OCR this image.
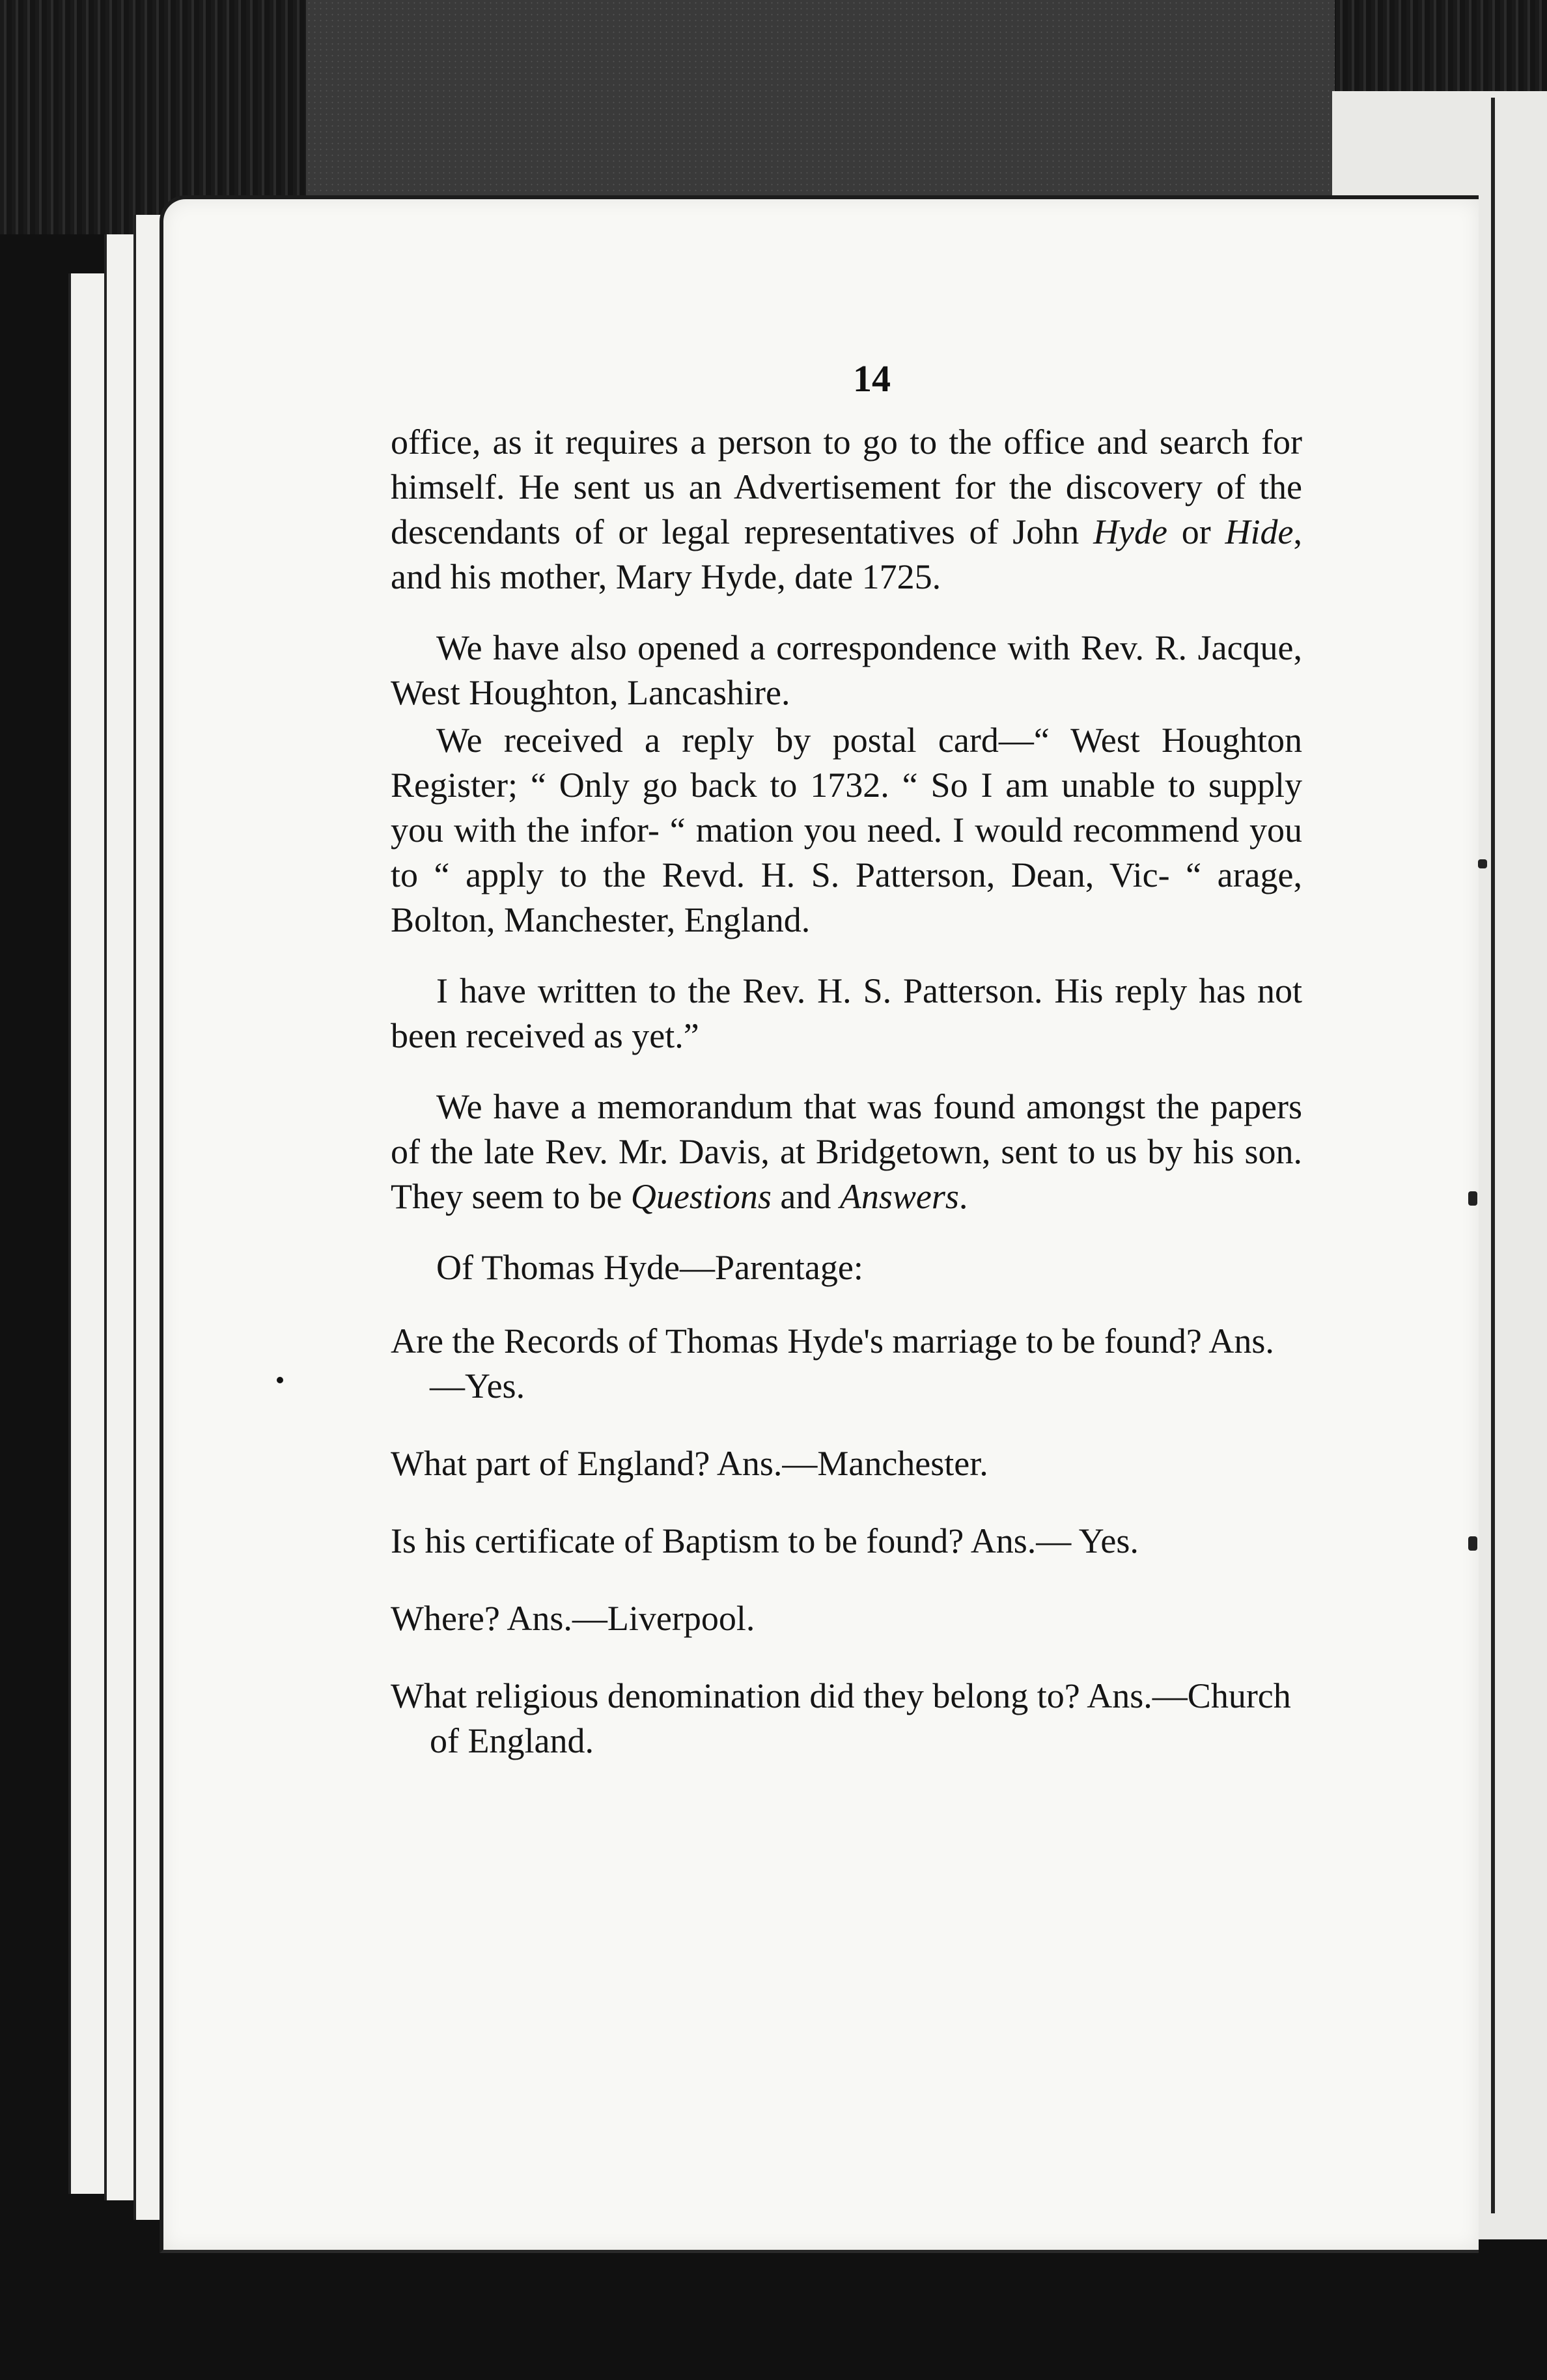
14

office, as it requires a person to go to the office and search for himself. He sent us an Advertisement for the discovery of the descendants of or legal representatives of John Hyde or Hide, and his mother, Mary Hyde, date 1725.

We have also opened a correspondence with Rev. R. Jacque, West Houghton, Lancashire.

We received a reply by postal card—“ West Houghton Register; “ Only go back to 1732. “ So I am unable to supply you with the infor- “ mation you need. I would recommend you to “ apply to the Revd. H. S. Patterson, Dean, Vic- “ arage, Bolton, Manchester, England.

I have written to the Rev. H. S. Patterson. His reply has not been received as yet.”

We have a memorandum that was found amongst the papers of the late Rev. Mr. Davis, at Bridgetown, sent to us by his son. They seem to be Questions and Answers.

Of Thomas Hyde—Parentage:

Are the Records of Thomas Hyde's marriage to be found? Ans.—Yes.

What part of England? Ans.—Manchester.

Is his certificate of Baptism to be found? Ans.— Yes.

Where? Ans.—Liverpool.

What religious denomination did they belong to? Ans.—Church of England.
